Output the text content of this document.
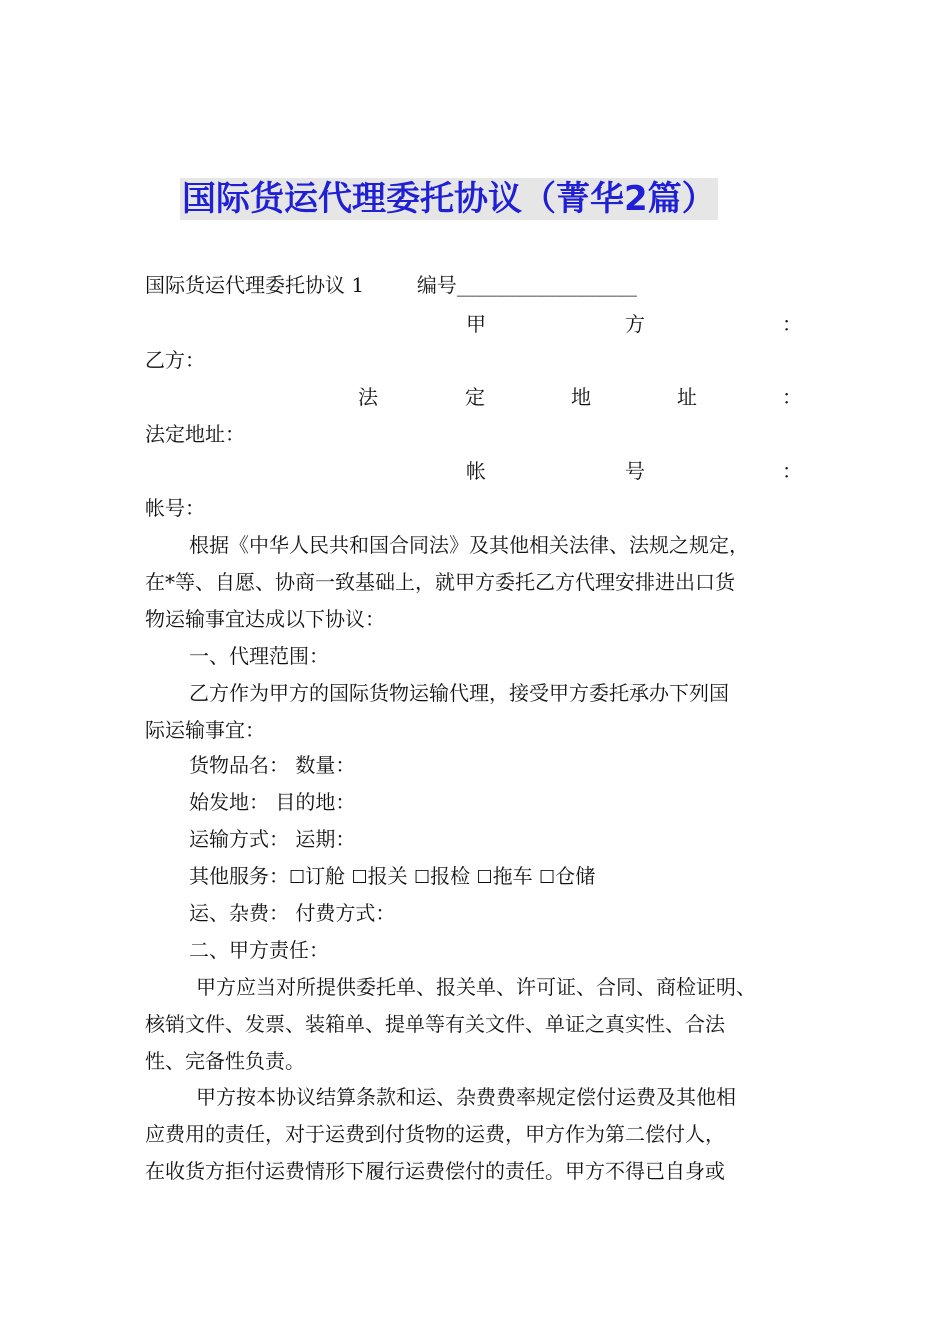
国际货运代理委托协议（菁华2篇）
国际货运代理委托协议 1	编号__________________
甲	方	：
乙方：
法	定	地	址	：
法定地址：
帐	号	：
帐号：
根据《中华人民共和国合同法》及其他相关法律、法规之规定，
在*等、自愿、协商一致基础上，就甲方委托乙方代理安排进出口货
物运输事宜达成以下协议：
一、代理范围：
乙方作为甲方的国际货物运输代理，接受甲方委托承办下列国
际运输事宜：
货物品名： 数量：
始发地： 目的地：
运输方式： 运期：
其他服务：☐订舱 ☐报关 ☐报检 ☐拖车 ☐仓储
运、杂费： 付费方式：
二、甲方责任：
甲方应当对所提供委托单、报关单、许可证、合同、商检证明、
核销文件、发票、装箱单、提单等有关文件、单证之真实性、合法
性、完备性负责。
甲方按本协议结算条款和运、杂费费率规定偿付运费及其他相
应费用的责任，对于运费到付货物的运费，甲方作为第二偿付人，
在收货方拒付运费情形下履行运费偿付的责任。甲方不得已自身或
